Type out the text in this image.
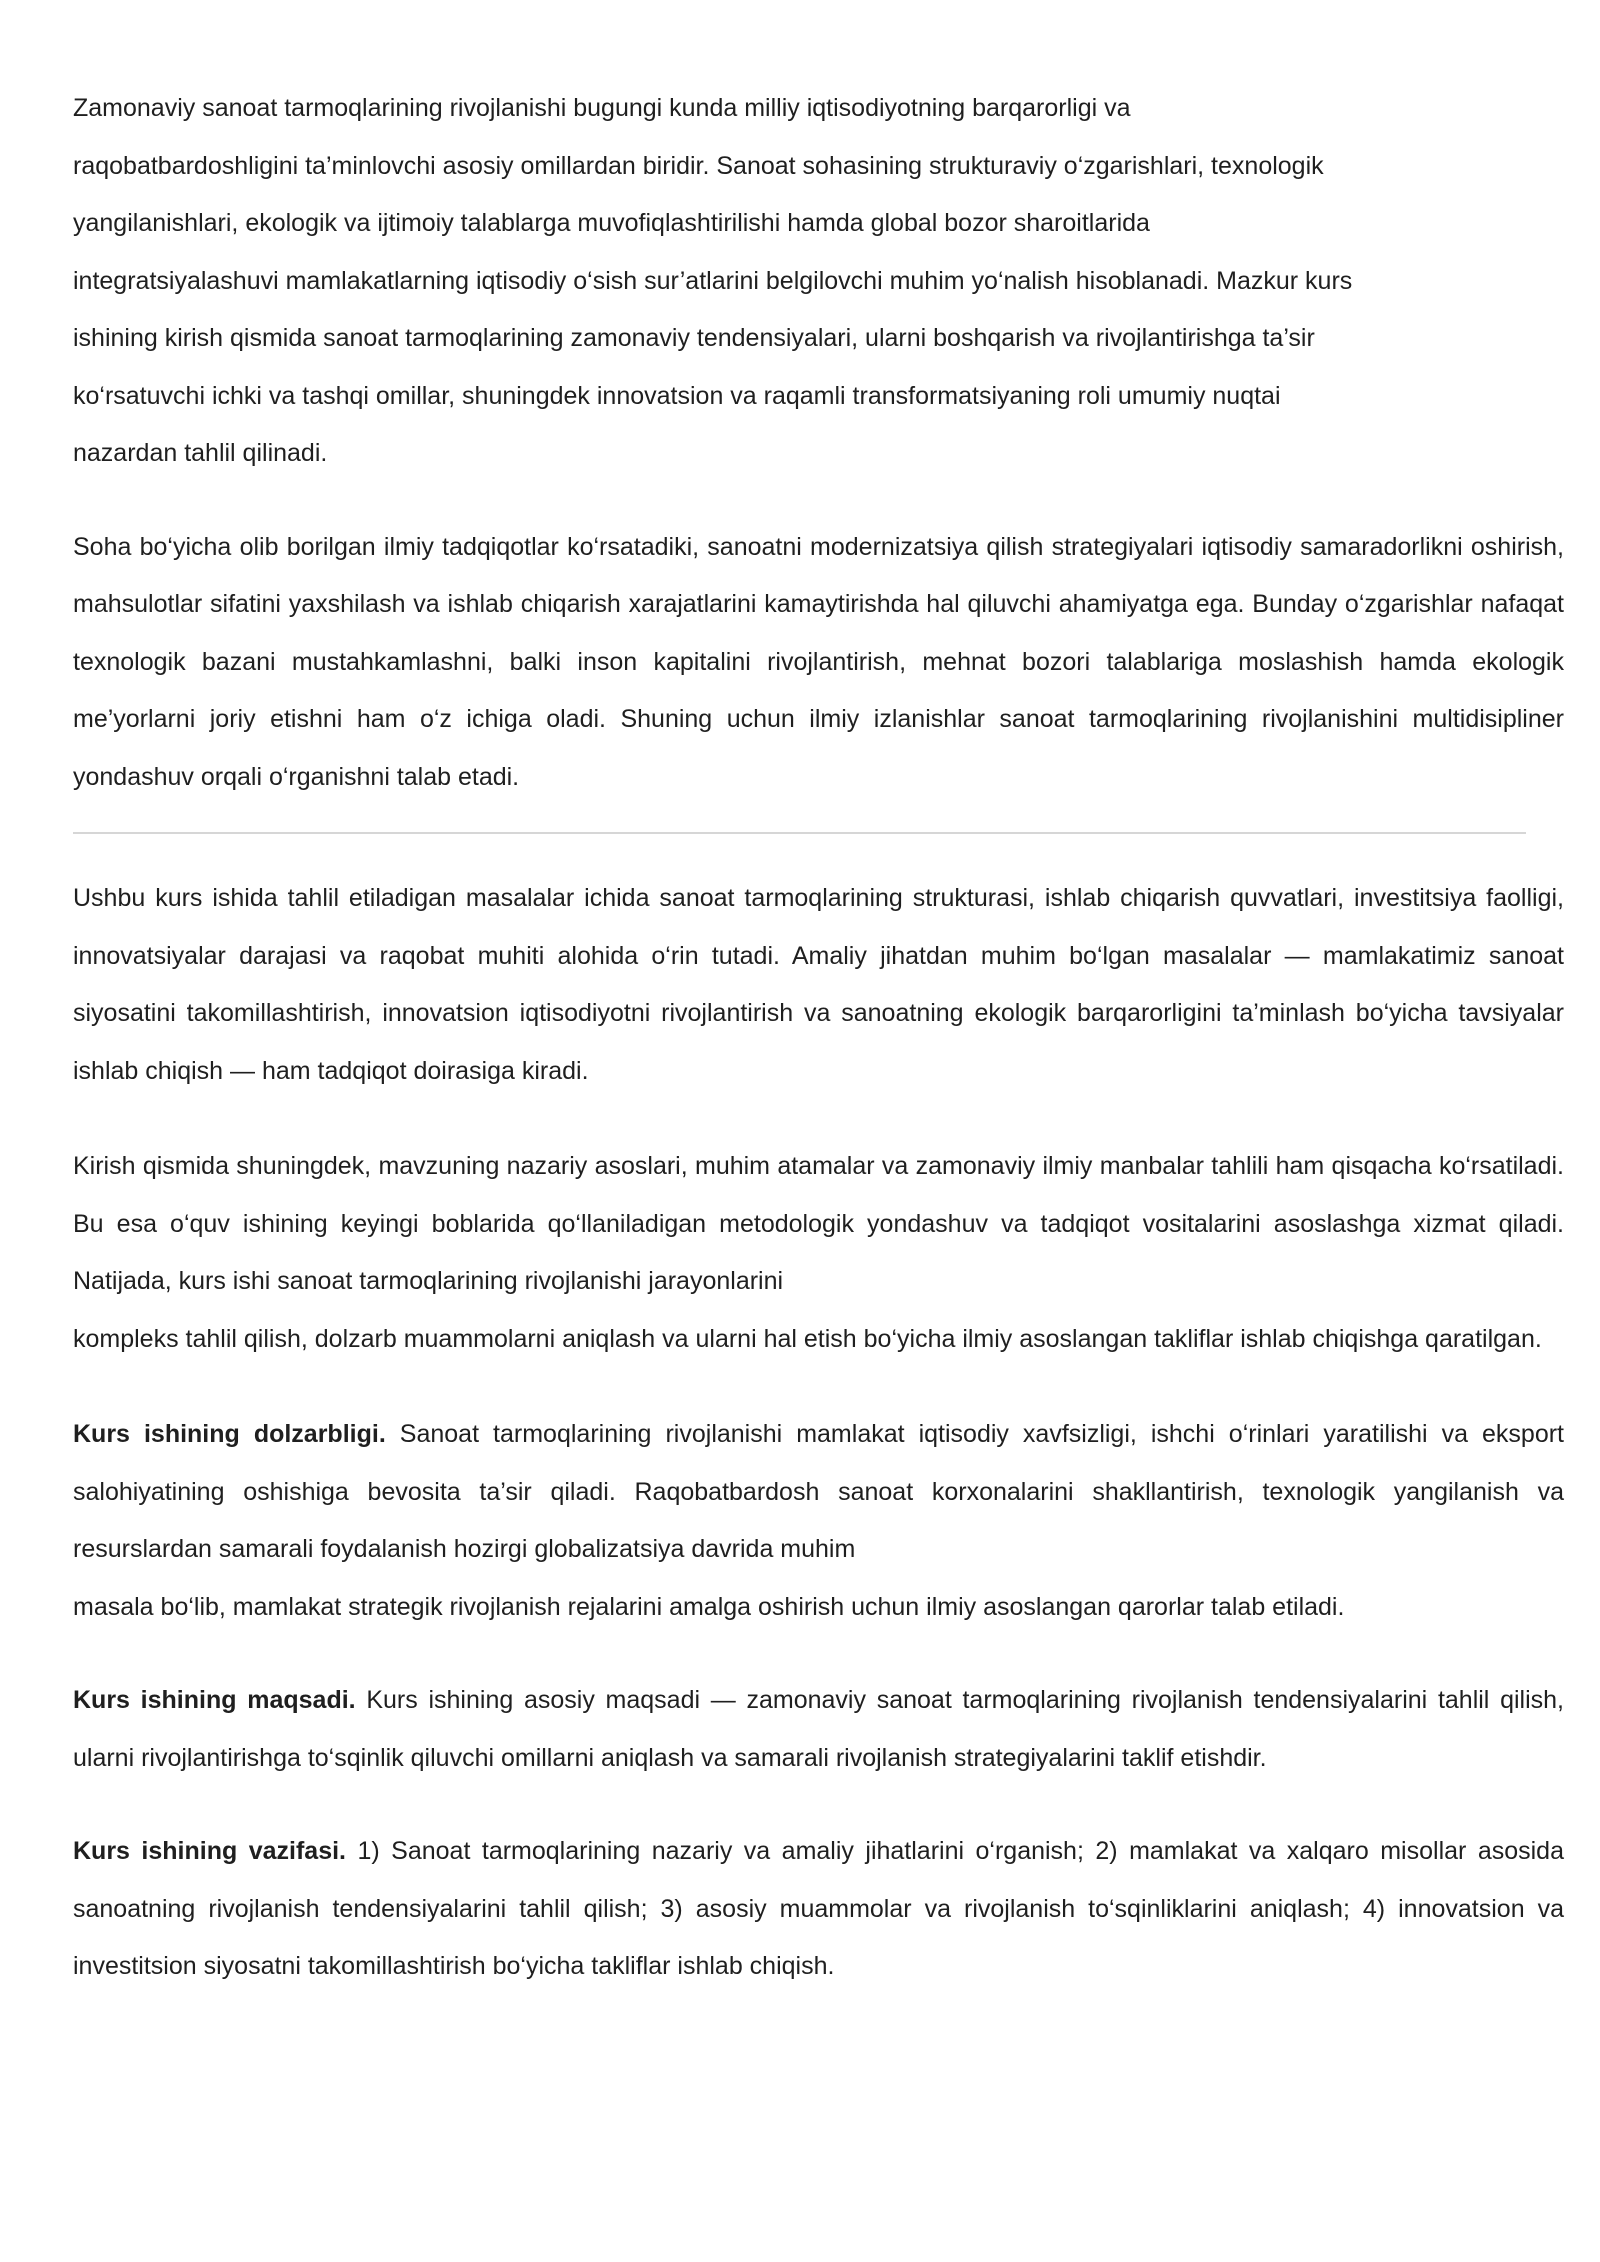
Zamonaviy sanoat tarmoqlarining rivojlanishi bugungi kunda milliy iqtisodiyotning barqarorligi va
raqobatbardoshligini ta’minlovchi asosiy omillardan biridir. Sanoat sohasining strukturaviy o‘zgarishlari, texnologik
yangilanishlari, ekologik va ijtimoiy talablarga muvofiqlashtirilishi hamda global bozor sharoitlarida
integratsiyalashuvi mamlakatlarning iqtisodiy o‘sish sur’atlarini belgilovchi muhim yo‘nalish hisoblanadi. Mazkur kurs
ishining kirish qismida sanoat tarmoqlarining zamonaviy tendensiyalari, ularni boshqarish va rivojlantirishga ta’sir
ko‘rsatuvchi ichki va tashqi omillar, shuningdek innovatsion va raqamli transformatsiyaning roli umumiy nuqtai
nazardan tahlil qilinadi.

Soha bo‘yicha olib borilgan ilmiy tadqiqotlar ko‘rsatadiki, sanoatni modernizatsiya qilish strategiyalari iqtisodiy samaradorlikni oshirish, mahsulotlar sifatini yaxshilash va ishlab chiqarish xarajatlarini kamaytirishda hal qiluvchi ahamiyatga ega. Bunday o‘zgarishlar nafaqat texnologik bazani mustahkamlashni, balki inson kapitalini rivojlantirish, mehnat bozori talablariga moslashish hamda ekologik me’yorlarni joriy etishni ham o‘z ichiga oladi. Shuning uchun ilmiy izlanishlar sanoat tarmoqlarining rivojlanishini multidisipliner yondashuv orqali o‘rganishni talab etadi.

Ushbu kurs ishida tahlil etiladigan masalalar ichida sanoat tarmoqlarining strukturasi, ishlab chiqarish quvvatlari, investitsiya faolligi, innovatsiyalar darajasi va raqobat muhiti alohida o‘rin tutadi. Amaliy jihatdan muhim bo‘lgan masalalar — mamlakatimiz sanoat siyosatini takomillashtirish, innovatsion iqtisodiyotni rivojlantirish va sanoatning ekologik barqarorligini ta’minlash bo‘yicha tavsiyalar ishlab chiqish — ham tadqiqot doirasiga kiradi.

Kirish qismida shuningdek, mavzuning nazariy asoslari, muhim atamalar va zamonaviy ilmiy manbalar tahlili ham qisqacha ko‘rsatiladi. Bu esa o‘quv ishining keyingi boblarida qo‘llaniladigan metodologik yondashuv va tadqiqot vositalarini asoslashga xizmat qiladi. Natijada, kurs ishi sanoat tarmoqlarining rivojlanishi jarayonlarini
kompleks tahlil qilish, dolzarb muammolarni aniqlash va ularni hal etish bo‘yicha ilmiy asoslangan takliflar ishlab chiqishga qaratilgan.

Kurs ishining dolzarbligi. Sanoat tarmoqlarining rivojlanishi mamlakat iqtisodiy xavfsizligi, ishchi o‘rinlari yaratilishi va eksport salohiyatining oshishiga bevosita ta’sir qiladi. Raqobatbardosh sanoat korxonalarini shakllantirish, texnologik yangilanish va resurslardan samarali foydalanish hozirgi globalizatsiya davrida muhim
masala bo‘lib, mamlakat strategik rivojlanish rejalarini amalga oshirish uchun ilmiy asoslangan qarorlar talab etiladi.

Kurs ishining maqsadi. Kurs ishining asosiy maqsadi — zamonaviy sanoat tarmoqlarining rivojlanish tendensiyalarini tahlil qilish, ularni rivojlantirishga to‘sqinlik qiluvchi omillarni aniqlash va samarali rivojlanish strategiyalarini taklif etishdir.

Kurs ishining vazifasi. 1) Sanoat tarmoqlarining nazariy va amaliy jihatlarini o‘rganish; 2) mamlakat va xalqaro misollar asosida sanoatning rivojlanish tendensiyalarini tahlil qilish; 3) asosiy muammolar va rivojlanish to‘sqinliklarini aniqlash; 4) innovatsion va investitsion siyosatni takomillashtirish bo‘yicha takliflar ishlab chiqish.
